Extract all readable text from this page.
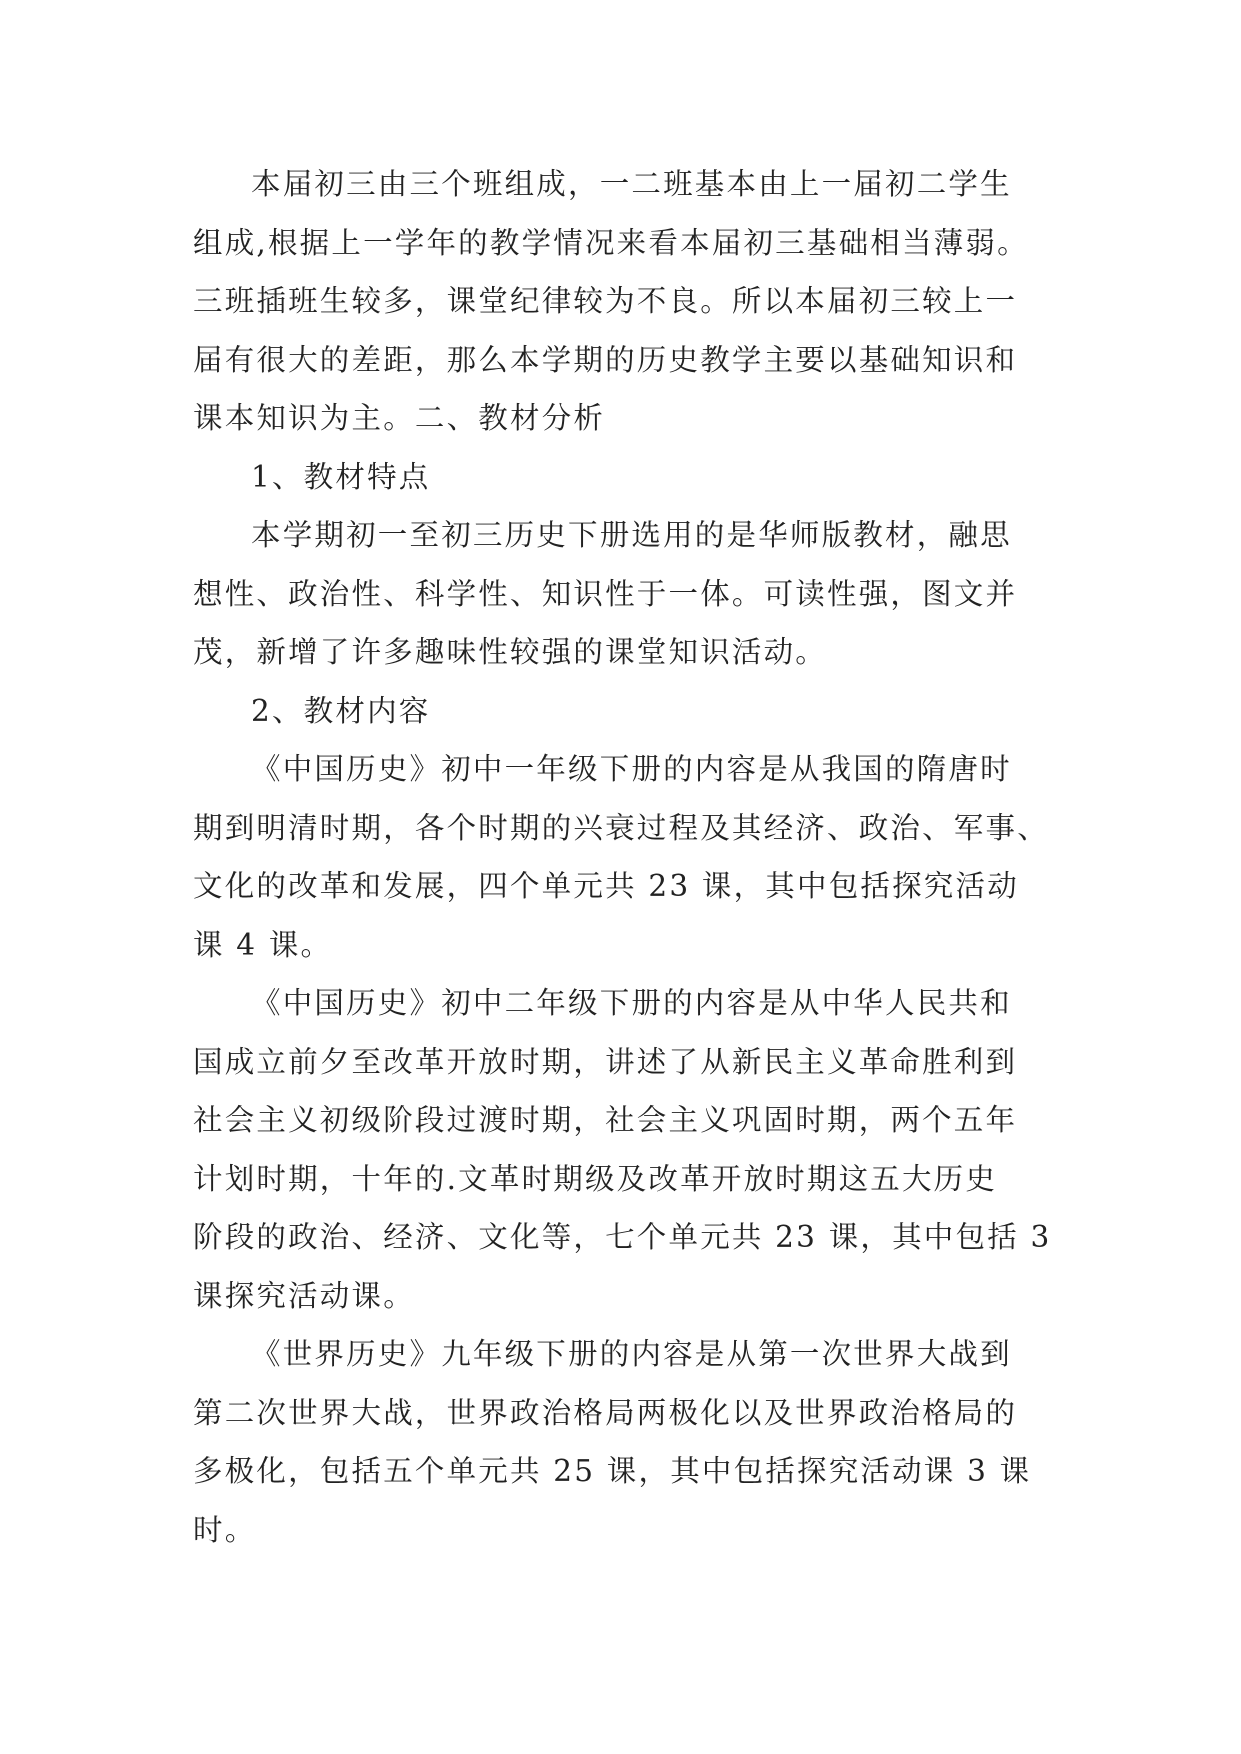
本届初三由三个班组成，一二班基本由上一届初二学生
组成,根据上一学年的教学情况来看本届初三基础相当薄弱。
三班插班生较多，课堂纪律较为不良。所以本届初三较上一
届有很大的差距，那么本学期的历史教学主要以基础知识和
课本知识为主。二、教材分析
1、教材特点
本学期初一至初三历史下册选用的是华师版教材，融思
想性、政治性、科学性、知识性于一体。可读性强，图文并
茂，新增了许多趣味性较强的课堂知识活动。
2、教材内容
《中国历史》初中一年级下册的内容是从我国的隋唐时
期到明清时期，各个时期的兴衰过程及其经济、政治、军事、
文化的改革和发展，四个单元共 23 课，其中包括探究活动
课 4 课。
《中国历史》初中二年级下册的内容是从中华人民共和
国成立前夕至改革开放时期，讲述了从新民主义革命胜利到
社会主义初级阶段过渡时期，社会主义巩固时期，两个五年
计划时期，十年的.文革时期级及改革开放时期这五大历史
阶段的政治、经济、文化等，七个单元共 23 课，其中包括 3
课探究活动课。
《世界历史》九年级下册的内容是从第一次世界大战到
第二次世界大战，世界政治格局两极化以及世界政治格局的
多极化，包括五个单元共 25 课，其中包括探究活动课 3 课
时。
